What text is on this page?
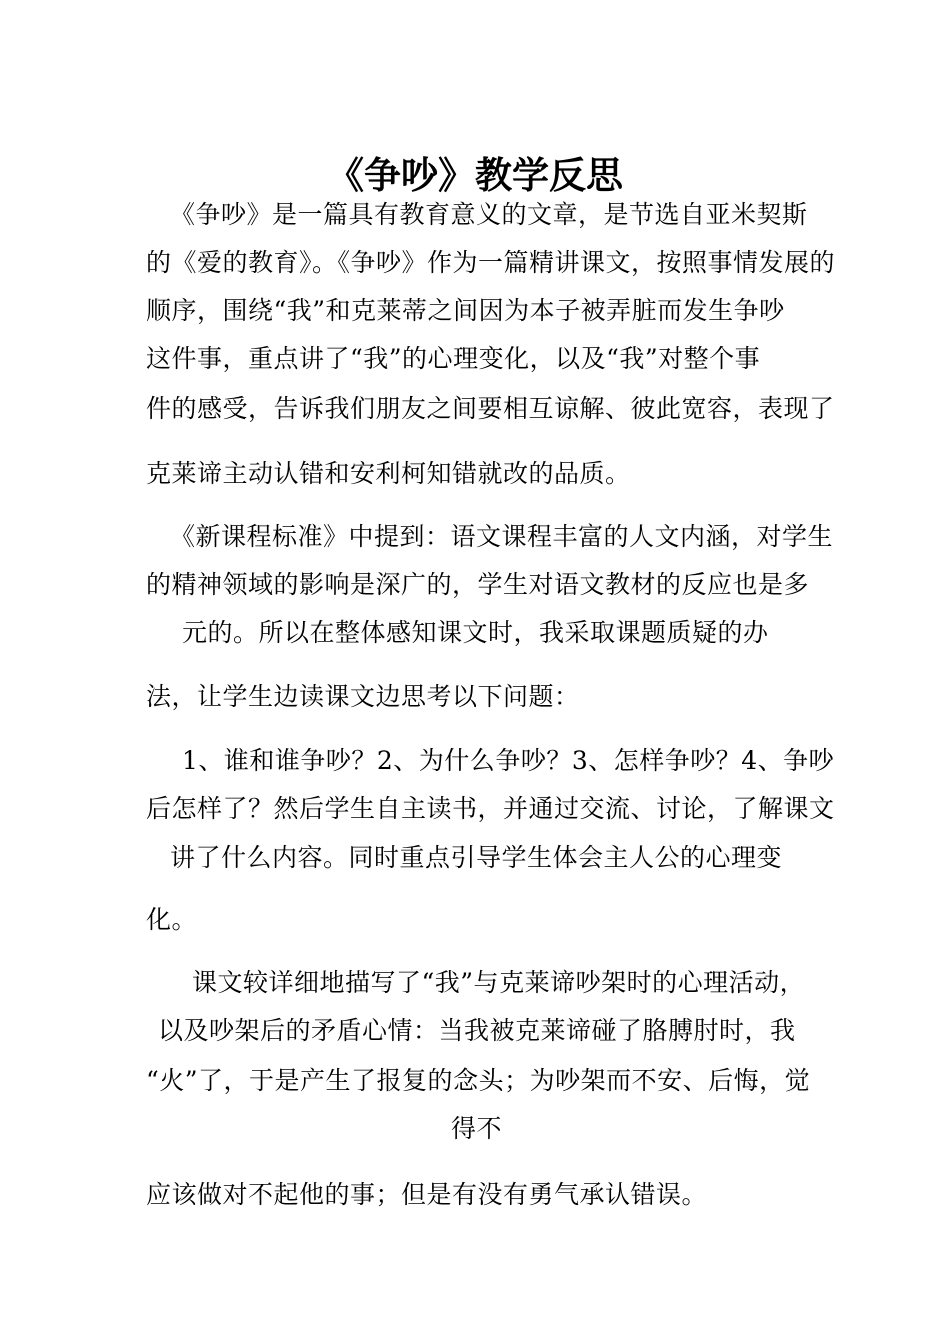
《争吵》教学反思
《争吵》是一篇具有教育意义的文章，是节选自亚米契斯
的《爱的教育》。《争吵》作为一篇精讲课文，按照事情发展的
顺序，围绕“我”和克莱蒂之间因为本子被弄脏而发生争吵
这件事，重点讲了“我”的心理变化，以及“我”对整个事
件的感受，告诉我们朋友之间要相互谅解、彼此宽容，表现了
克莱谛主动认错和安利柯知错就改的品质。
《新课程标准》中提到：语文课程丰富的人文内涵，对学生
的精神领域的影响是深广的，学生对语文教材的反应也是多
元的。所以在整体感知课文时，我采取课题质疑的办
法，让学生边读课文边思考以下问题：
1、谁和谁争吵？2、为什么争吵？3、怎样争吵？4、争吵
后怎样了？然后学生自主读书，并通过交流、讨论，了解课文
讲了什么内容。同时重点引导学生体会主人公的心理变
化。
课文较详细地描写了“我”与克莱谛吵架时的心理活动，
以及吵架后的矛盾心情：当我被克莱谛碰了胳膊肘时，我
“火”了，于是产生了报复的念头；为吵架而不安、后悔，觉
得不
应该做对不起他的事；但是有没有勇气承认错误。
